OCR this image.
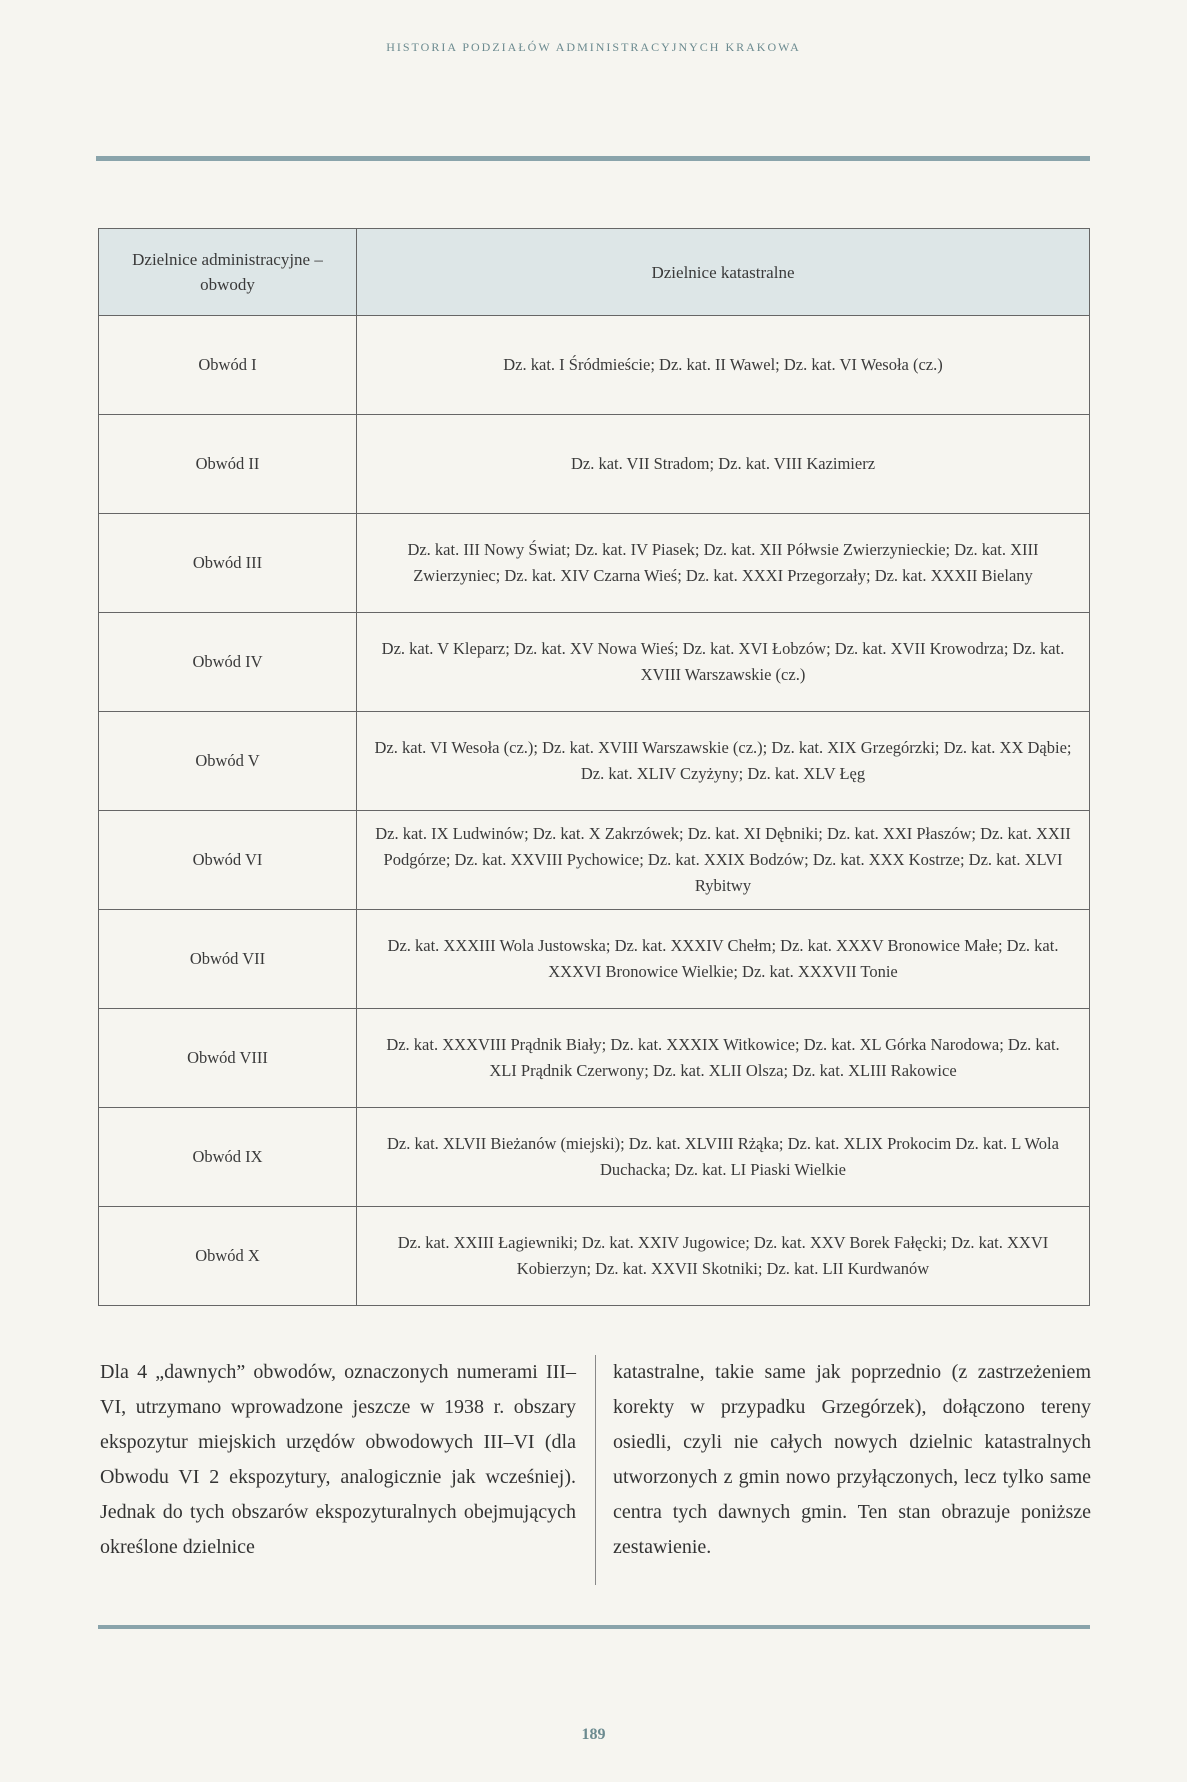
HISTORIA PODZIAŁÓW ADMINISTRACYJNYCH KRAKOWA
Dzielnice administracyjne – obwody	Dzielnice katastralne
Obwód I	Dz. kat. I Śródmieście; Dz. kat. II Wawel; Dz. kat. VI Wesoła (cz.)
Obwód II	Dz. kat. VII Stradom; Dz. kat. VIII Kazimierz
Obwód III	Dz. kat. III Nowy Świat; Dz. kat. IV Piasek; Dz. kat. XII Półwsie Zwierzynieckie; Dz. kat. XIII Zwierzyniec; Dz. kat. XIV Czarna Wieś; Dz. kat. XXXI Przegorzały; Dz. kat. XXXII Bielany
Obwód IV	Dz. kat. V Kleparz; Dz. kat. XV Nowa Wieś; Dz. kat. XVI Łobzów; Dz. kat. XVII Krowodrza; Dz. kat. XVIII Warszawskie (cz.)
Obwód V	Dz. kat. VI Wesoła (cz.); Dz. kat. XVIII Warszawskie (cz.); Dz. kat. XIX Grzegórzki; Dz. kat. XX Dąbie; Dz. kat. XLIV Czyżyny; Dz. kat. XLV Łęg
Obwód VI	Dz. kat. IX Ludwinów; Dz. kat. X Zakrzówek; Dz. kat. XI Dębniki; Dz. kat. XXI Płaszów; Dz. kat. XXII Podgórze; Dz. kat. XXVIII Pychowice; Dz. kat. XXIX Bodzów; Dz. kat. XXX Kostrze; Dz. kat. XLVI Rybitwy
Obwód VII	Dz. kat. XXXIII Wola Justowska; Dz. kat. XXXIV Chełm; Dz. kat. XXXV Bronowice Małe; Dz. kat. XXXVI Bronowice Wielkie; Dz. kat. XXXVII Tonie
Obwód VIII	Dz. kat. XXXVIII Prądnik Biały; Dz. kat. XXXIX Witkowice; Dz. kat. XL Górka Narodowa; Dz. kat. XLI Prądnik Czerwony; Dz. kat. XLII Olsza; Dz. kat. XLIII Rakowice
Obwód IX	Dz. kat. XLVII Bieżanów (miejski); Dz. kat. XLVIII Rżąka; Dz. kat. XLIX Prokocim Dz. kat. L Wola Duchacka; Dz. kat. LI Piaski Wielkie
Obwód X	Dz. kat. XXIII Łagiewniki; Dz. kat. XXIV Jugowice; Dz. kat. XXV Borek Fałęcki; Dz. kat. XXVI Kobierzyn; Dz. kat. XXVII Skotniki; Dz. kat. LII Kurdwanów
Dla 4 „dawnych” obwodów, oznaczonych numerami III–VI, utrzymano wprowadzone jeszcze w 1938 r. obszary ekspozytur miejskich urzędów obwodowych III–VI (dla Obwodu VI 2 ekspozytury, analogicznie jak wcześniej). Jednak do tych obszarów ekspozyturalnych obejmujących określone dzielnice
katastralne, takie same jak poprzednio (z zastrzeżeniem korekty w przypadku Grzegórzek), dołączono tereny osiedli, czyli nie całych nowych dzielnic katastralnych utworzonych z gmin nowo przyłączonych, lecz tylko same centra tych dawnych gmin. Ten stan obrazuje poniższe zestawienie.
189
